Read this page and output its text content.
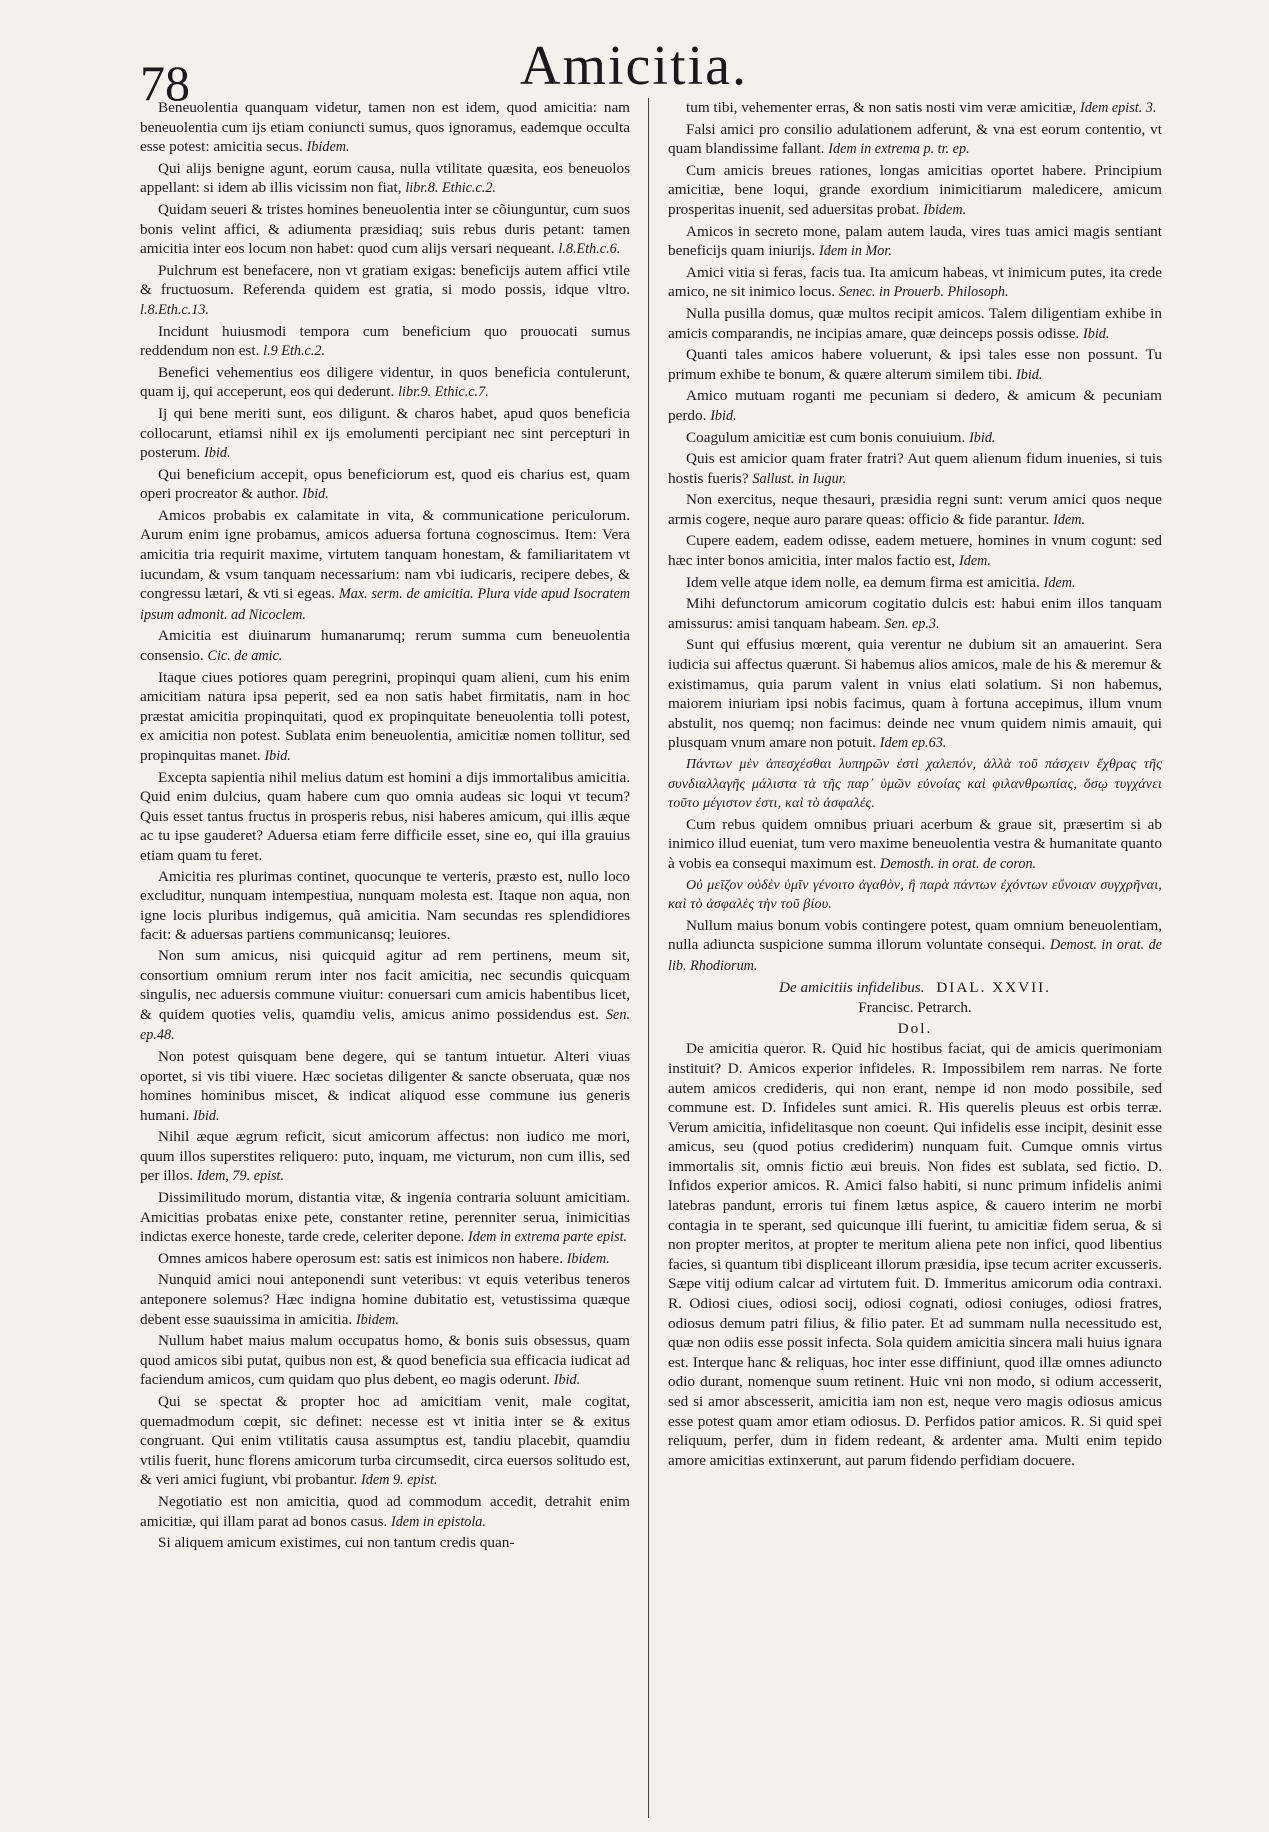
78	Amicitia.

Beneuolentia quanquam videtur, tamen non est idem, quod amicitia: nam beneuolentia cum ijs etiam coniuncti sumus, quos ignoramus, eademque occulta esse potest: amicitia secus. Ibidem.

Qui alijs benigne agunt, eorum causa, nulla vtilitate quæsita, eos beneuolos appellant: si idem ab illis vicissim non fiat, libr.8. Ethic.c.2.

Quidam seueri & tristes homines beneuolentia inter se cõiunguntur, cum suos bonis velint affici, & adiumenta præsidiaq; suis rebus duris petant: tamen amicitia inter eos locum non habet: quod cum alijs versari nequeant. l.8.Eth.c.6.

Pulchrum est benefacere, non vt gratiam exigas: beneficijs autem affici vtile & fructuosum. Referenda quidem est gratia, si modo possis, idque vltro. l.8.Eth.c.13.

Incidunt huiusmodi tempora cum beneficium quo prouocati sumus reddendum non est. l.9 Eth.c.2.

Benefici vehementius eos diligere videntur, in quos beneficia contulerunt, quam ij, qui acceperunt, eos qui dederunt. libr.9. Ethic.c.7.

Ij qui bene meriti sunt, eos diligunt. & charos habet, apud quos beneficia collocarunt, etiamsi nihil ex ijs emolumenti percipiant nec sint percepturi in posterum. Ibid.

Qui beneficium accepit, opus beneficiorum est, quod eis charius est, quam operi procreator & author. Ibid.

Amicos probabis ex calamitate in vita, & communicatione periculorum. Aurum enim igne probamus, amicos aduersa fortuna cognoscimus. Item: Vera amicitia tria requirit maxime, virtutem tanquam honestam, & familiaritatem vt iucundam, & vsum tanquam necessarium: nam vbi iudicaris, recipere debes, & congressu lætari, & vti si egeas. Max. serm. de amicitia. Plura vide apud Isocratem ipsum admonit. ad Nicoclem.

Amicitia est diuinarum humanarumq; rerum summa cum beneuolentia consensio. Cic. de amic.

Itaque ciues potiores quam peregrini, propinqui quam alieni, cum his enim amicitiam natura ipsa peperit, sed ea non satis habet firmitatis, nam in hoc præstat amicitia propinquitati, quod ex propinquitate beneuolentia tolli potest, ex amicitia non potest. Sublata enim beneuolentia, amicitiæ nomen tollitur, sed propinquitas manet. Ibid.

Excepta sapientia nihil melius datum est homini a dijs immortalibus amicitia. Quid enim dulcius, quam habere cum quo omnia audeas sic loqui vt tecum? Quis esset tantus fructus in prosperis rebus, nisi haberes amicum, qui illis æque ac tu ipse gauderet? Aduersa etiam ferre difficile esset, sine eo, qui illa grauius etiam quam tu feret.

Amicitia res plurimas continet, quocunque te verteris, præsto est, nullo loco excluditur, nunquam intempestiua, nunquam molesta est. Itaque non aqua, non igne locis pluribus indigemus, quã amicitia. Nam secundas res splendidiores facit: & aduersas partiens communicansq; leuiores.

Non sum amicus, nisi quicquid agitur ad rem pertinens, meum sit, consortium omnium rerum inter nos facit amicitia, nec secundis quicquam singulis, nec aduersis commune viuitur: conuersari cum amicis habentibus licet, & quidem quoties velis, quamdiu velis, amicus animo possidendus est. Sen. ep.48.

Non potest quisquam bene degere, qui se tantum intuetur. Alteri viuas oportet, si vis tibi viuere. Hæc societas diligenter & sancte obseruata, quæ nos homines hominibus miscet, & indicat aliquod esse commune ius generis humani. Ibid.

Nihil æque ægrum reficit, sicut amicorum affectus: non iudico me mori, quum illos superstites reliquero: puto, inquam, me victurum, non cum illis, sed per illos. Idem, 79. epist.

Dissimilitudo morum, distantia vitæ, & ingenia contraria soluunt amicitiam. Amicitias probatas enixe pete, constanter retine, perenniter serua, inimicitias indictas exerce honeste, tarde crede, celeriter depone. Idem in extrema parte epist.

Omnes amicos habere operosum est: satis est inimicos non habere. Ibidem.

Nunquid amici noui anteponendi sunt veteribus: vt equis veteribus teneros anteponere solemus? Hæc indigna homine dubitatio est, vetustissima quæque debent esse suauissima in amicitia. Ibidem.

Nullum habet maius malum occupatus homo, & bonis suis obsessus, quam quod amicos sibi putat, quibus non est, & quod beneficia sua efficacia iudicat ad faciendum amicos, cum quidam quo plus debent, eo magis oderunt. Ibid.

Qui se spectat & propter hoc ad amicitiam venit, male cogitat, quemadmodum cœpit, sic definet: necesse est vt initia inter se & exitus congruant. Qui enim vtilitatis causa assumptus est, tandiu placebit, quamdiu vtilis fuerit, hunc florens amicorum turba circumsedit, circa euersos solitudo est, & veri amici fugiunt, vbi probantur. Idem 9. epist.

Negotiatio est non amicitia, quod ad commodum accedit, detrahit enim amicitiæ, qui illam parat ad bonos casus. Idem in epistola.

Si aliquem amicum existimes, cui non tantum credis quan-

tum tibi, vehementer erras, & non satis nosti vim veræ amicitiæ, Idem epist. 3.

Falsi amici pro consilio adulationem adferunt, & vna est eorum contentio, vt quam blandissime fallant. Idem in extrema p. tr. ep.

Cum amicis breues rationes, longas amicitias oportet habere. Principium amicitiæ, bene loqui, grande exordium inimicitiarum maledicere, amicum prosperitas inuenit, sed aduersitas probat. Ibidem.

Amicos in secreto mone, palam autem lauda, vires tuas amici magis sentiant beneficijs quam iniurijs. Idem in Mor.

Amici vitia si feras, facis tua. Ita amicum habeas, vt inimicum putes, ita crede amico, ne sit inimico locus. Senec. in Prouerb. Philosoph.

Nulla pusilla domus, quæ multos recipit amicos. Talem diligentiam exhibe in amicis comparandis, ne incipias amare, quæ deinceps possis odisse. Ibid.

Quanti tales amicos habere voluerunt, & ipsi tales esse non possunt. Tu primum exhibe te bonum, & quære alterum similem tibi. Ibid.

Amico mutuam roganti me pecuniam si dedero, & amicum & pecuniam perdo. Ibid.

Coagulum amicitiæ est cum bonis conuiuium. Ibid.

Quis est amicior quam frater fratri? Aut quem alienum fidum inuenies, si tuis hostis fueris? Sallust. in Iugur.

Non exercitus, neque thesauri, præsidia regni sunt: verum amici quos neque armis cogere, neque auro parare queas: officio & fide parantur. Idem.

Cupere eadem, eadem odisse, eadem metuere, homines in vnum cogunt: sed hæc inter bonos amicitia, inter malos factio est, Idem.

Idem velle atque idem nolle, ea demum firma est amicitia. Idem.

Mihi defunctorum amicorum cogitatio dulcis est: habui enim illos tanquam amissurus: amisi tanquam habeam. Sen. ep.3.

Sunt qui effusius mœrent, quia verentur ne dubium sit an amauerint. Sera iudicia sui affectus quærunt. Si habemus alios amicos, male de his & meremur & existimamus, quia parum valent in vnius elati solatium. Si non habemus, maiorem iniuriam ipsi nobis facimus, quam à fortuna accepimus, illum vnum abstulit, nos quemq; non facimus: deinde nec vnum quidem nimis amauit, qui plusquam vnum amare non potuit. Idem ep.63.

Πάντων μὲν ἀπεσχέσθαι λυπηρῶν ἐστὶ χαλεπόν, ἀλλὰ τοῦ πάσχειν ἔχθρας τῆς συνδιαλλαγῆς μάλιστα τὰ τῆς παρ᾽ ὑμῶν εὐνοίας καὶ φιλανθρωπίας, ὅσῳ τυγχάνει τοῦτο μέγιστον ἐστι, καὶ τὸ ἀσφαλές.

Cum rebus quidem omnibus priuari acerbum & graue sit, præsertim si ab inimico illud eueniat, tum vero maxime beneuolentia vestra & humanitate quanto à vobis ea consequi maximum est. Demosth. in orat. de coron.

Οὐ μεῖζον οὐδὲν ὑμῖν γένοιτο ἀγαθὸν, ἢ παρὰ πάντων ἐχόντων εὔνοιαν συγχρῆναι, καὶ τὸ ἀσφαλὲς τὴν τοῦ βίου.

Nullum maius bonum vobis contingere potest, quam omnium beneuolentiam, nulla adiuncta suspicione summa illorum voluntate consequi. Demost. in orat. de lib. Rhodiorum.

De amicitiis infidelibus. DIAL. XXVII.

Francisc. Petrarch.

Dol.

De amicitia queror. R. Quid hic hostibus faciat, qui de amicis querimoniam instituit? D. Amicos experior infideles. R. Impossibilem rem narras. Ne forte autem amicos credideris, qui non erant, nempe id non modo possibile, sed commune est. D. Infideles sunt amici. R. His querelis pleuus est orbis terræ. Verum amicitia, infidelitasque non coeunt. Qui infidelis esse incipit, desinit esse amicus, seu (quod potius crediderim) nunquam fuit. Cumque omnis virtus immortalis sit, omnis fictio æui breuis. Non fides est sublata, sed fictio. D. Infidos experior amicos. R. Amici falso habiti, si nunc primum infidelis animi latebras pandunt, erroris tui finem lætus aspice, & cauero interim ne morbi contagia in te sperant, sed quicunque illi fuerint, tu amicitiæ fidem serua, & si non propter meritos, at propter te meritum aliena pete non infici, quod libentius facies, si quantum tibi displiceant illorum præsidia, ipse tecum acriter excusseris. Sæpe vitij odium calcar ad virtutem fuit. D. Immeritus amicorum odia contraxi. R. Odiosi ciues, odiosi socij, odiosi cognati, odiosi coniuges, odiosi fratres, odiosus demum patri filius, & filio pater. Et ad summam nulla necessitudo est, quæ non odiis esse possit infecta. Sola quidem amicitia sincera mali huius ignara est. Interque hanc & reliquas, hoc inter esse diffiniunt, quod illæ omnes adiuncto odio durant, nomenque suum retinent. Huic vni non modo, si odium accesserit, sed si amor abscesserit, amicitia iam non est, neque vero magis odiosus amicus esse potest quam amor etiam odiosus. D. Perfidos patior amicos. R. Si quid spei reliquum, perfer, dum in fidem redeant, & ardenter ama. Multi enim tepido amore amicitias extinxerunt, aut parum fidendo perfidiam docuere.
